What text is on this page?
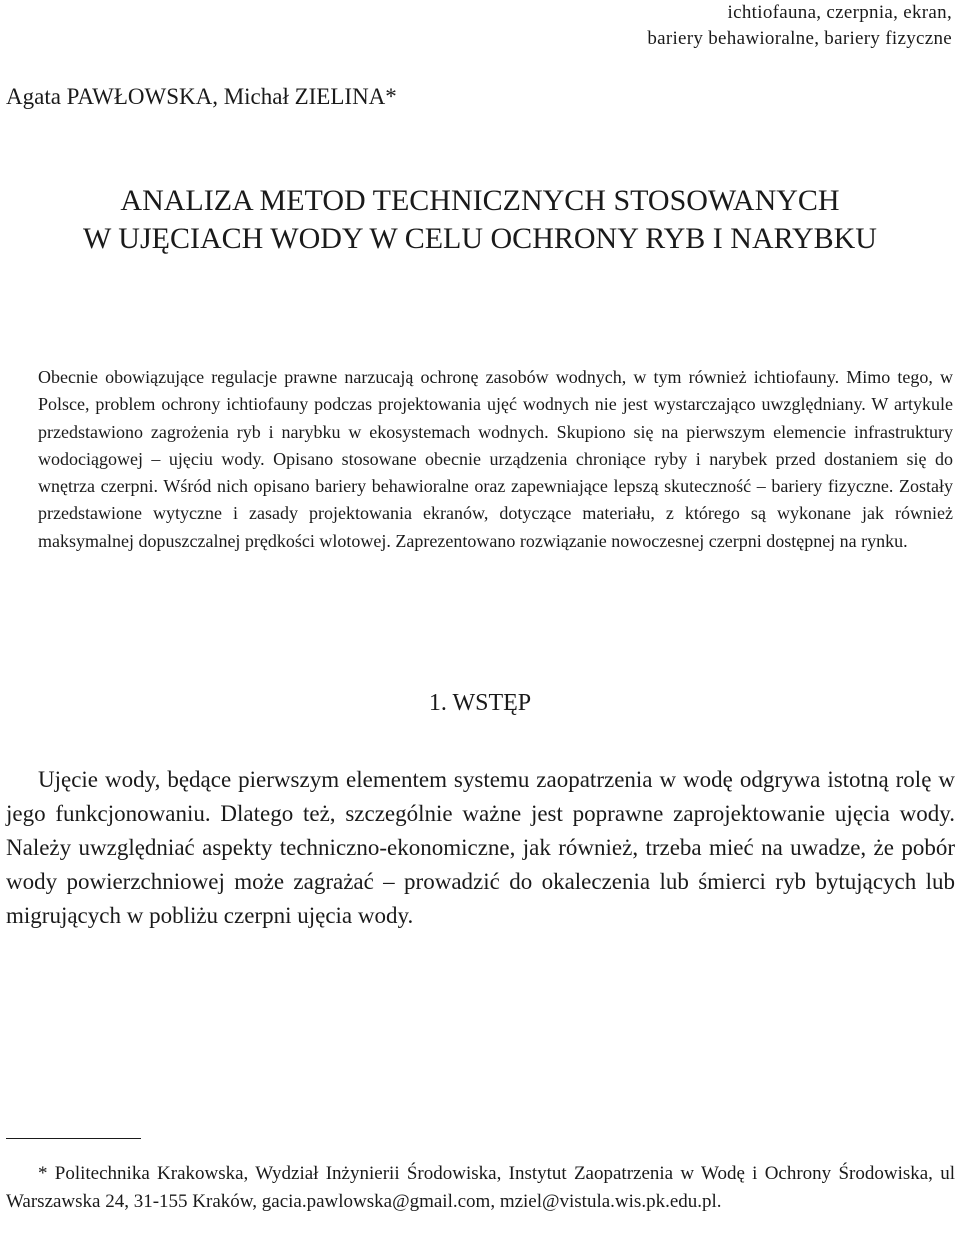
ichtiofauna, czerpnia, ekran,
bariery behawioralne, bariery fizyczne
Agata PAWŁOWSKA, Michał ZIELINA*
ANALIZA METOD TECHNICZNYCH STOSOWANYCH
W UJĘCIACH WODY W CELU OCHRONY RYB I NARYBKU
Obecnie obowiązujące regulacje prawne narzucają ochronę zasobów wodnych, w tym również ichtiofauny. Mimo tego, w Polsce, problem ochrony ichtiofauny podczas projektowania ujęć wodnych nie jest wystarczająco uwzględniany. W artykule przedstawiono zagrożenia ryb i narybku w ekosystemach wodnych. Skupiono się na pierwszym elemencie infrastruktury wodociągowej – ujęciu wody. Opisano stosowane obecnie urządzenia chroniące ryby i narybek przed dostaniem się do wnętrza czerpni. Wśród nich opisano bariery behawioralne oraz zapewniające lepszą skuteczność – bariery fizyczne. Zostały przedstawione wytyczne i zasady projektowania ekranów, dotyczące materiału, z którego są wykonane jak również maksymalnej dopuszczalnej prędkości wlotowej. Zaprezentowano rozwiązanie nowoczesnej czerpni dostępnej na rynku.
1. WSTĘP

Ujęcie wody, będące pierwszym elementem systemu zaopatrzenia w wodę odgrywa istotną rolę w jego funkcjonowaniu. Dlatego też, szczególnie ważne jest poprawne zaprojektowanie ujęcia wody. Należy uwzględniać aspekty techniczno-ekonomiczne, jak również, trzeba mieć na uwadze, że pobór wody powierzchniowej może zagrażać – prowadzić do okaleczenia lub śmierci ryb bytujących lub migrujących w pobliżu czerpni ujęcia wody.

* Politechnika Krakowska, Wydział Inżynierii Środowiska, Instytut Zaopatrzenia w Wodę i Ochrony Środowiska, ul Warszawska 24, 31-155 Kraków, gacia.pawlowska@gmail.com, mziel@vistula.wis.pk.edu.pl.
